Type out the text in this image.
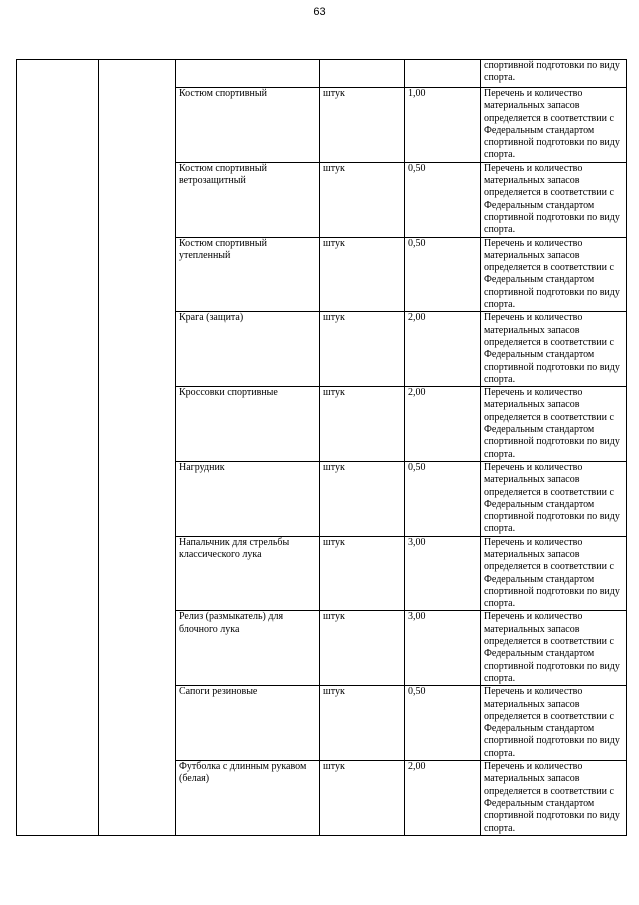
63
					спортивной подготовки по виду спорта.
		Костюм спортивный	штук	1,00	Перечень и количество материальных запасов определяется в соответствии с Федеральным стандартом спортивной подготовки по виду спорта.
		Костюм спортивный ветрозащитный	штук	0,50	Перечень и количество материальных запасов определяется в соответствии с Федеральным стандартом спортивной подготовки по виду спорта.
		Костюм спортивный утепленный	штук	0,50	Перечень и количество материальных запасов определяется в соответствии с Федеральным стандартом спортивной подготовки по виду спорта.
		Крага (защита)	штук	2,00	Перечень и количество материальных запасов определяется в соответствии с Федеральным стандартом спортивной подготовки по виду спорта.
		Кроссовки спортивные	штук	2,00	Перечень и количество материальных запасов определяется в соответствии с Федеральным стандартом спортивной подготовки по виду спорта.
		Нагрудник	штук	0,50	Перечень и количество материальных запасов определяется в соответствии с Федеральным стандартом спортивной подготовки по виду спорта.
		Напальчник для стрельбы классического лука	штук	3,00	Перечень и количество материальных запасов определяется в соответствии с Федеральным стандартом спортивной подготовки по виду спорта.
		Релиз (размыкатель) для блочного лука	штук	3,00	Перечень и количество материальных запасов определяется в соответствии с Федеральным стандартом спортивной подготовки по виду спорта.
		Сапоги резиновые	штук	0,50	Перечень и количество материальных запасов определяется в соответствии с Федеральным стандартом спортивной подготовки по виду спорта.
		Футболка с длинным рукавом (белая)	штук	2,00	Перечень и количество материальных запасов определяется в соответствии с Федеральным стандартом спортивной подготовки по виду спорта.
